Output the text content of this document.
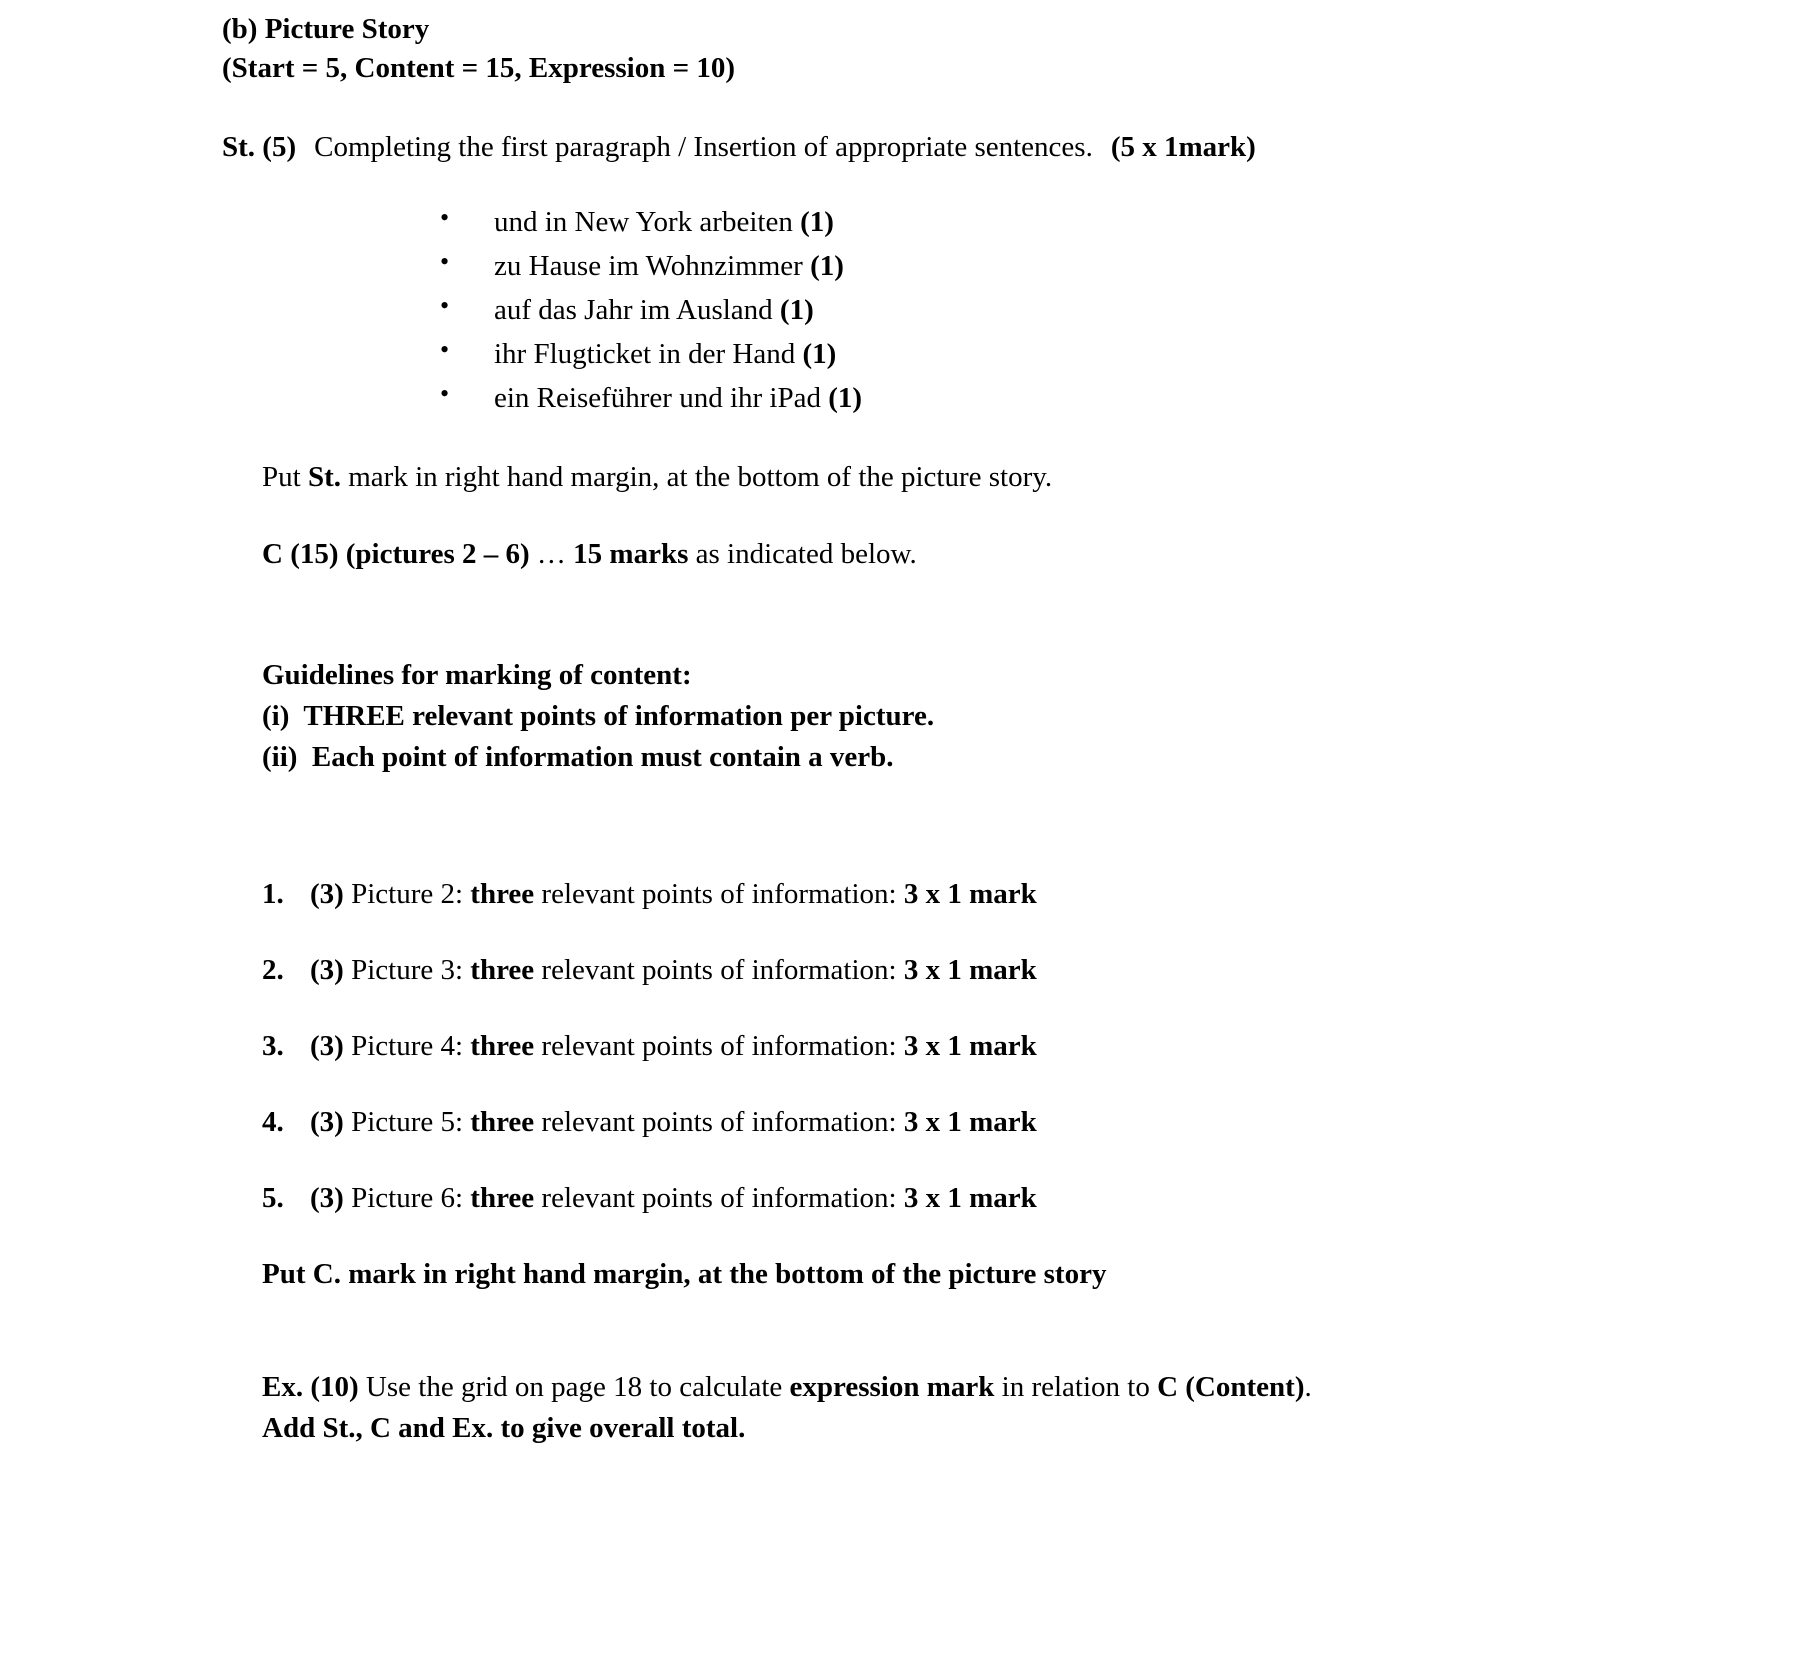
(b) Picture Story
(Start = 5, Content = 15, Expression = 10)
St. (5) Completing the first paragraph / Insertion of appropriate sentences. (5 x 1mark)
• und in New York arbeiten (1)
• zu Hause im Wohnzimmer (1)
• auf das Jahr im Ausland (1)
• ihr Flugticket in der Hand (1)
• ein Reiseführer und ihr iPad (1)
Put St. mark in right hand margin, at the bottom of the picture story.
C (15) (pictures 2 – 6) … 15 marks as indicated below.
Guidelines for marking of content:
(i)  THREE relevant points of information per picture.
(ii)  Each point of information must contain a verb.
1. (3) Picture 2: three relevant points of information: 3 x 1 mark
2. (3) Picture 3: three relevant points of information: 3 x 1 mark
3. (3) Picture 4: three relevant points of information: 3 x 1 mark
4. (3) Picture 5: three relevant points of information: 3 x 1 mark
5. (3) Picture 6: three relevant points of information: 3 x 1 mark
Put C. mark in right hand margin, at the bottom of the picture story
Ex. (10) Use the grid on page 18 to calculate expression mark in relation to C (Content).
Add St., C and Ex. to give overall total.
